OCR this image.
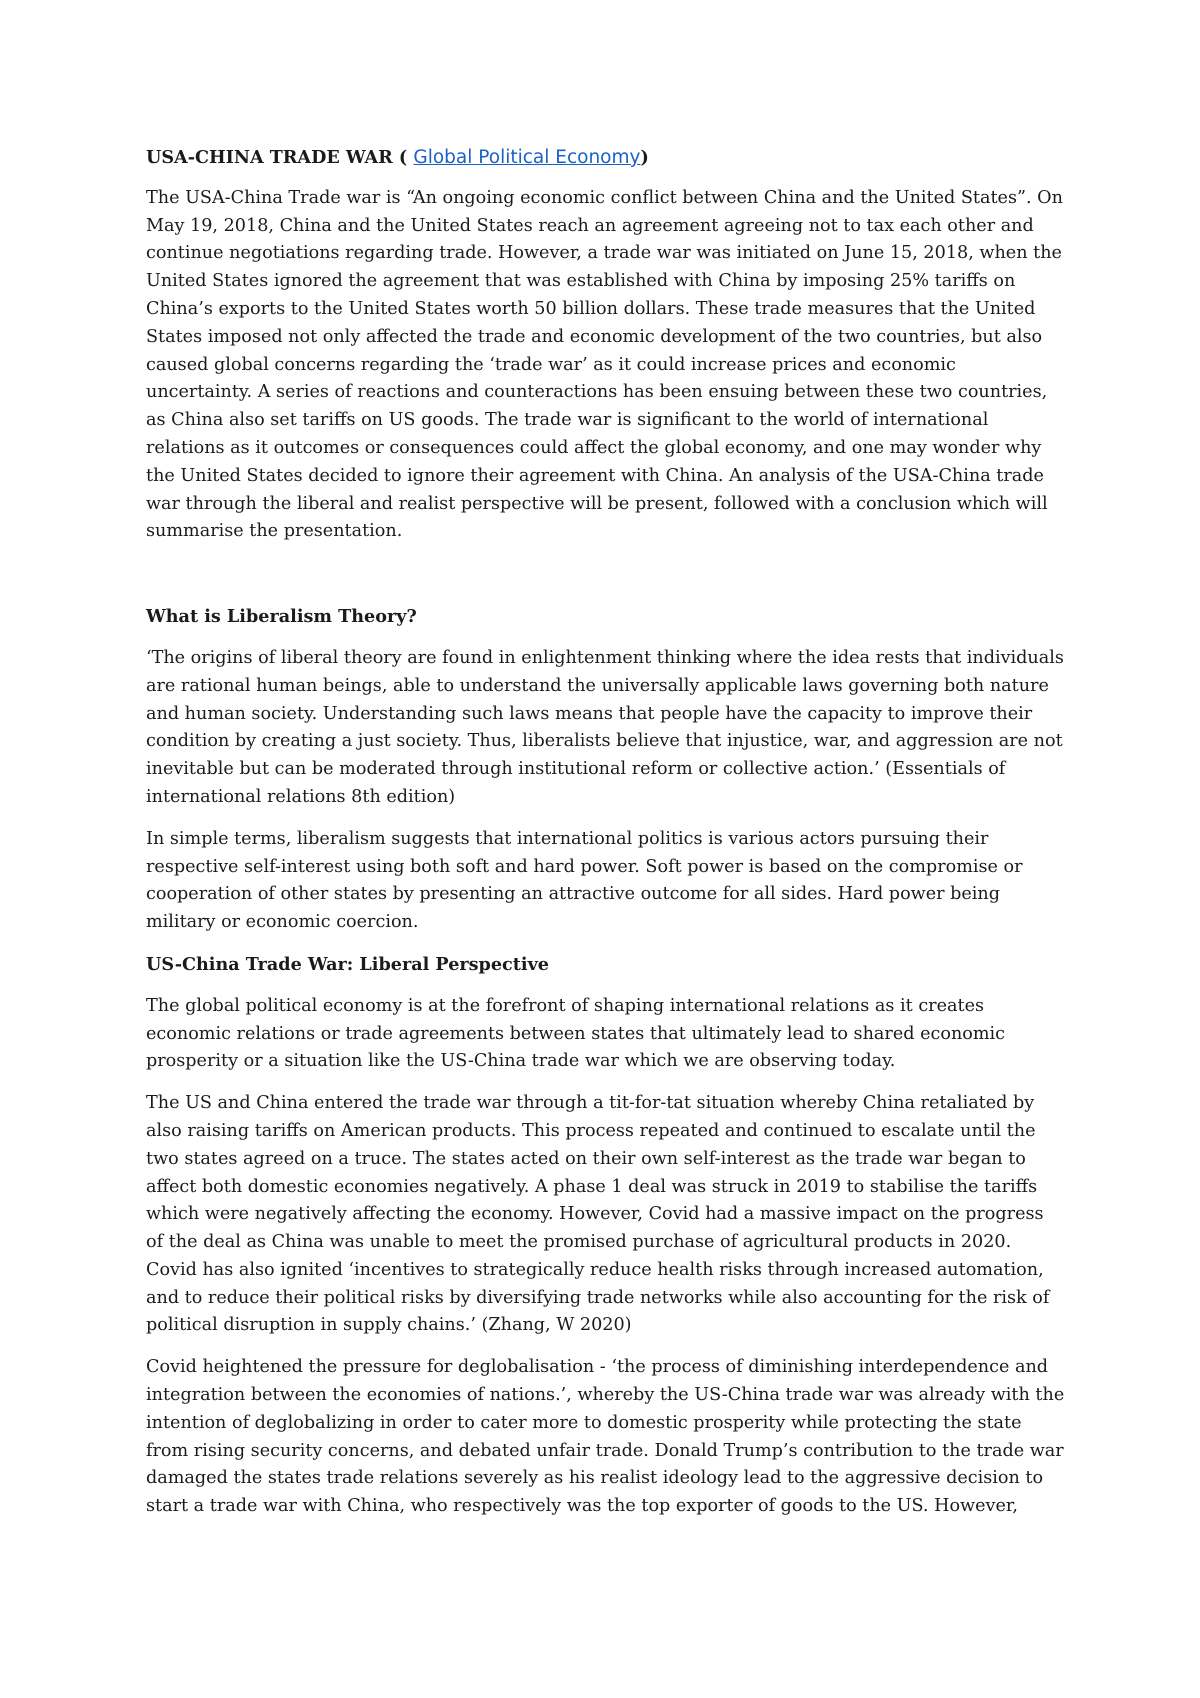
USA-CHINA TRADE WAR ( Global Political Economy)

The USA-China Trade war is “An ongoing economic conflict between China and the United States”. On May 19, 2018, China and the United States reach an agreement agreeing not to tax each other and continue negotiations regarding trade. However, a trade war was initiated on June 15, 2018, when the United States ignored the agreement that was established with China by imposing 25% tariffs on China’s exports to the United States worth 50 billion dollars. These trade measures that the United States imposed not only affected the trade and economic development of the two countries, but also caused global concerns regarding the ‘trade war’ as it could increase prices and economic uncertainty. A series of reactions and counteractions has been ensuing between these two countries, as China also set tariffs on US goods. The trade war is significant to the world of international relations as it outcomes or consequences could affect the global economy, and one may wonder why the United States decided to ignore their agreement with China. An analysis of the USA-China trade war through the liberal and realist perspective will be present, followed with a conclusion which will summarise the presentation.

What is Liberalism Theory?

‘The origins of liberal theory are found in enlightenment thinking where the idea rests that individuals are rational human beings, able to understand the universally applicable laws governing both nature and human society. Understanding such laws means that people have the capacity to improve their condition by creating a just society. Thus, liberalists believe that injustice, war, and aggression are not inevitable but can be moderated through institutional reform or collective action.’ (Essentials of international relations 8th edition)

In simple terms, liberalism suggests that international politics is various actors pursuing their respective self-interest using both soft and hard power. Soft power is based on the compromise or cooperation of other states by presenting an attractive outcome for all sides. Hard power being military or economic coercion.

US-China Trade War: Liberal Perspective

The global political economy is at the forefront of shaping international relations as it creates economic relations or trade agreements between states that ultimately lead to shared economic prosperity or a situation like the US-China trade war which we are observing today.

The US and China entered the trade war through a tit-for-tat situation whereby China retaliated by also raising tariffs on American products. This process repeated and continued to escalate until the two states agreed on a truce. The states acted on their own self-interest as the trade war began to affect both domestic economies negatively. A phase 1 deal was struck in 2019 to stabilise the tariffs which were negatively affecting the economy. However, Covid had a massive impact on the progress of the deal as China was unable to meet the promised purchase of agricultural products in 2020. Covid has also ignited ‘incentives to strategically reduce health risks through increased automation, and to reduce their political risks by diversifying trade networks while also accounting for the risk of political disruption in supply chains.’ (Zhang, W 2020)

Covid heightened the pressure for deglobalisation - ‘the process of diminishing interdependence and integration between the economies of nations.’, whereby the US-China trade war was already with the intention of deglobalizing in order to cater more to domestic prosperity while protecting the state from rising security concerns, and debated unfair trade. Donald Trump’s contribution to the trade war damaged the states trade relations severely as his realist ideology lead to the aggressive decision to start a trade war with China, who respectively was the top exporter of goods to the US. However,
